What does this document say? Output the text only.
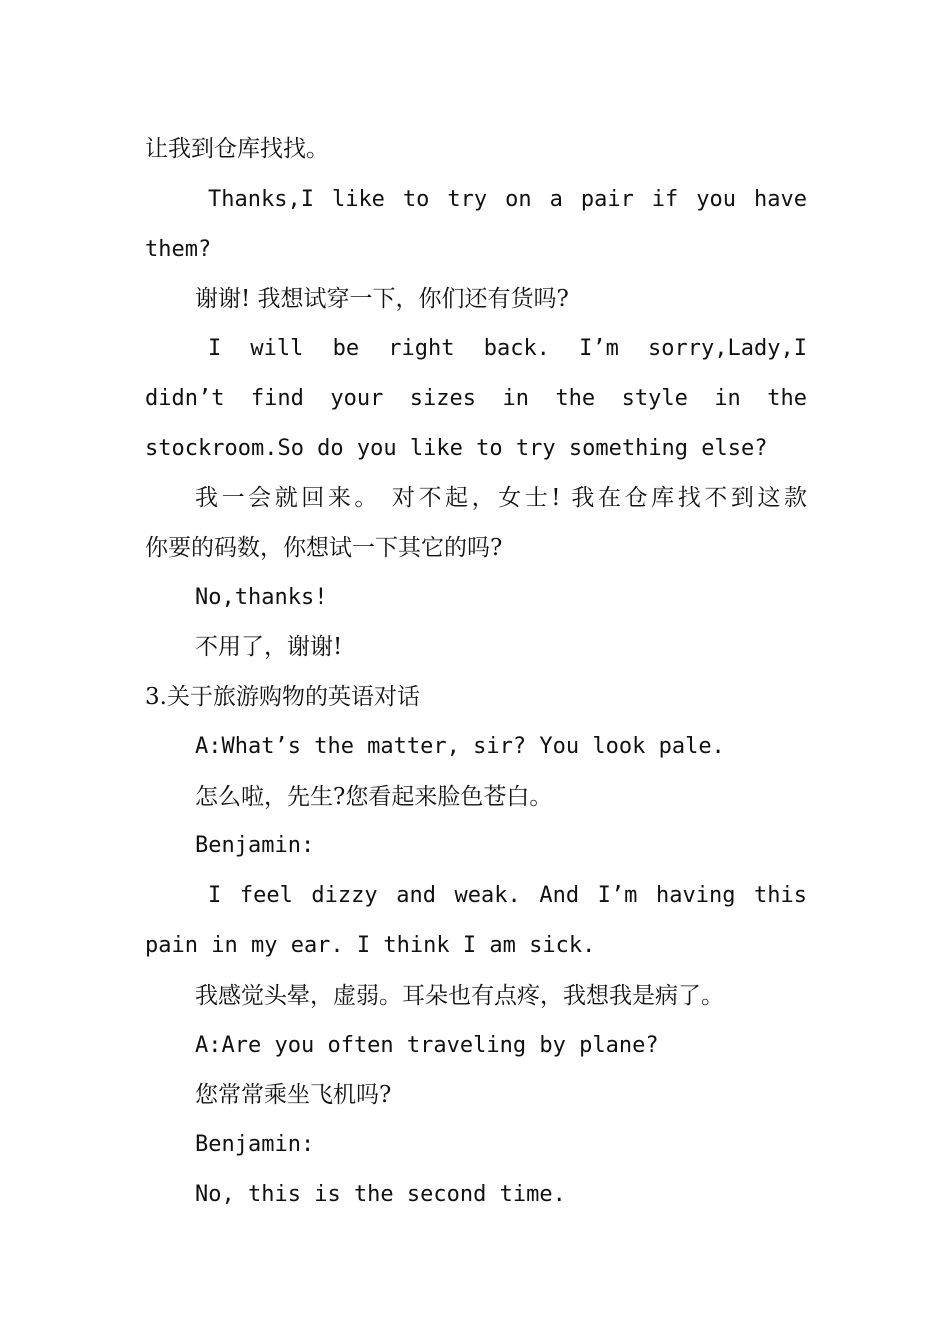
让我到仓库找找。
Thanks,I like to try on a pair if you have
them?
谢谢! 我想试穿一下，你们还有货吗?
I will be right back. I’m sorry,Lady,I
didn’t find your sizes in the style in the
stockroom.So do you like to try something else?
我一会就回来。 对不起，女士! 我在仓库找不到这款
你要的码数，你想试一下其它的吗?
No,thanks!
不用了，谢谢!
3.关于旅游购物的英语对话
A:What’s the matter, sir? You look pale.
怎么啦，先生?您看起来脸色苍白。
Benjamin:
I feel dizzy and weak. And I’m having this
pain in my ear. I think I am sick.
我感觉头晕，虚弱。耳朵也有点疼，我想我是病了。
A:Are you often traveling by plane?
您常常乘坐飞机吗?
Benjamin:
No, this is the second time.
